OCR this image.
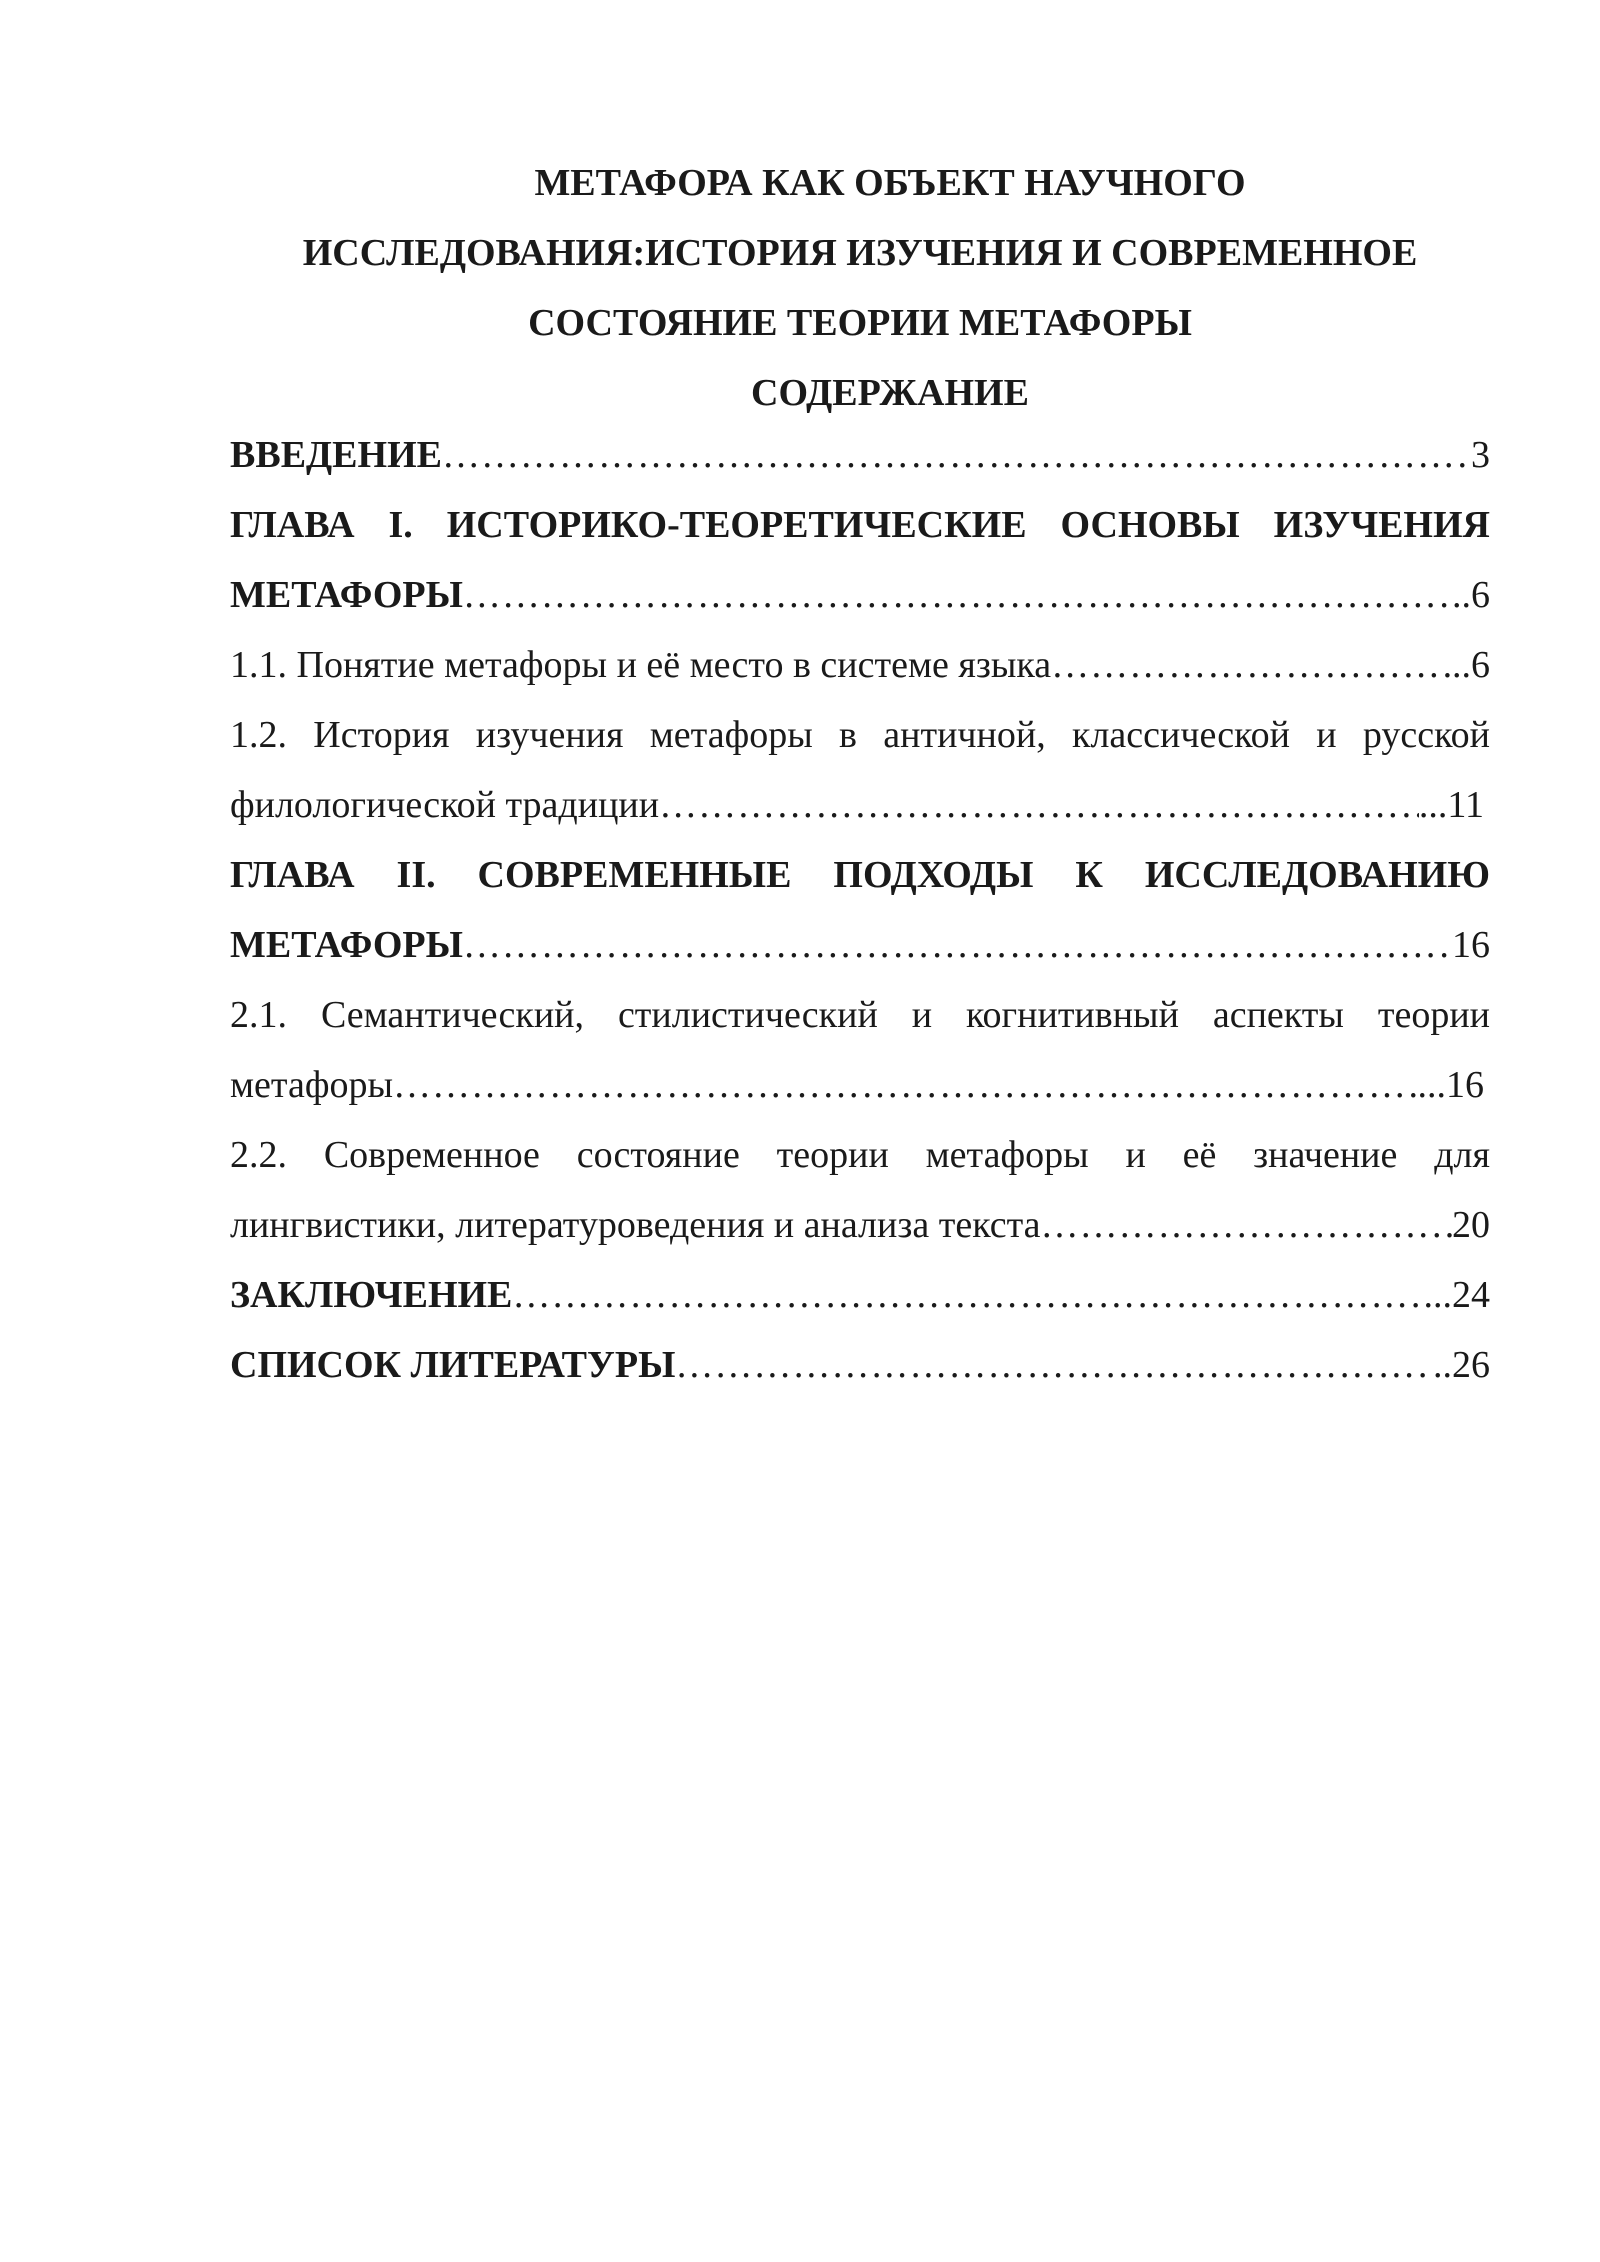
МЕТАФОРА КАК ОБЪЕКТ НАУЧНОГО
ИССЛЕДОВАНИЯ:ИСТОРИЯ ИЗУЧЕНИЯ И СОВРЕМЕННОЕ
СОСТОЯНИЕ ТЕОРИИ МЕТАФОРЫ
СОДЕРЖАНИЕ
ВВЕДЕНИЕ ……………………………………………………………………………………………………………………………………………………………………………………	3
ГЛАВА I. ИСТОРИКО-ТЕОРЕТИЧЕСКИЕ ОСНОВЫ ИЗУЧЕНИЯ
МЕТАФОРЫ ……………………………………………………………………………………………………………………………………………………………………………………	..6
1.1. Понятие метафоры и её место в системе языка ……………………………………………………………………………………………………………………………………………………………………………………	..6
1.2. История изучения метафоры в античной, классической и русской
филологической традиции ……………………………………………………………………………………………………………………………………………………………………………………	...11
ГЛАВА II. СОВРЕМЕННЫЕ ПОДХОДЫ К ИССЛЕДОВАНИЮ
МЕТАФОРЫ ……………………………………………………………………………………………………………………………………………………………………………………	16
2.1. Семантический, стилистический и когнитивный аспекты теории
метафоры ……………………………………………………………………………………………………………………………………………………………………………………	...16
2.2. Современное состояние теории метафоры и её значение для
лингвистики, литературоведения и анализа текста ……………………………………………………………………………………………………………………………………………………………………………………	20
ЗАКЛЮЧЕНИЕ ……………………………………………………………………………………………………………………………………………………………………………………	...24
СПИСОК ЛИТЕРАТУРЫ ……………………………………………………………………………………………………………………………………………………………………………………	..26
